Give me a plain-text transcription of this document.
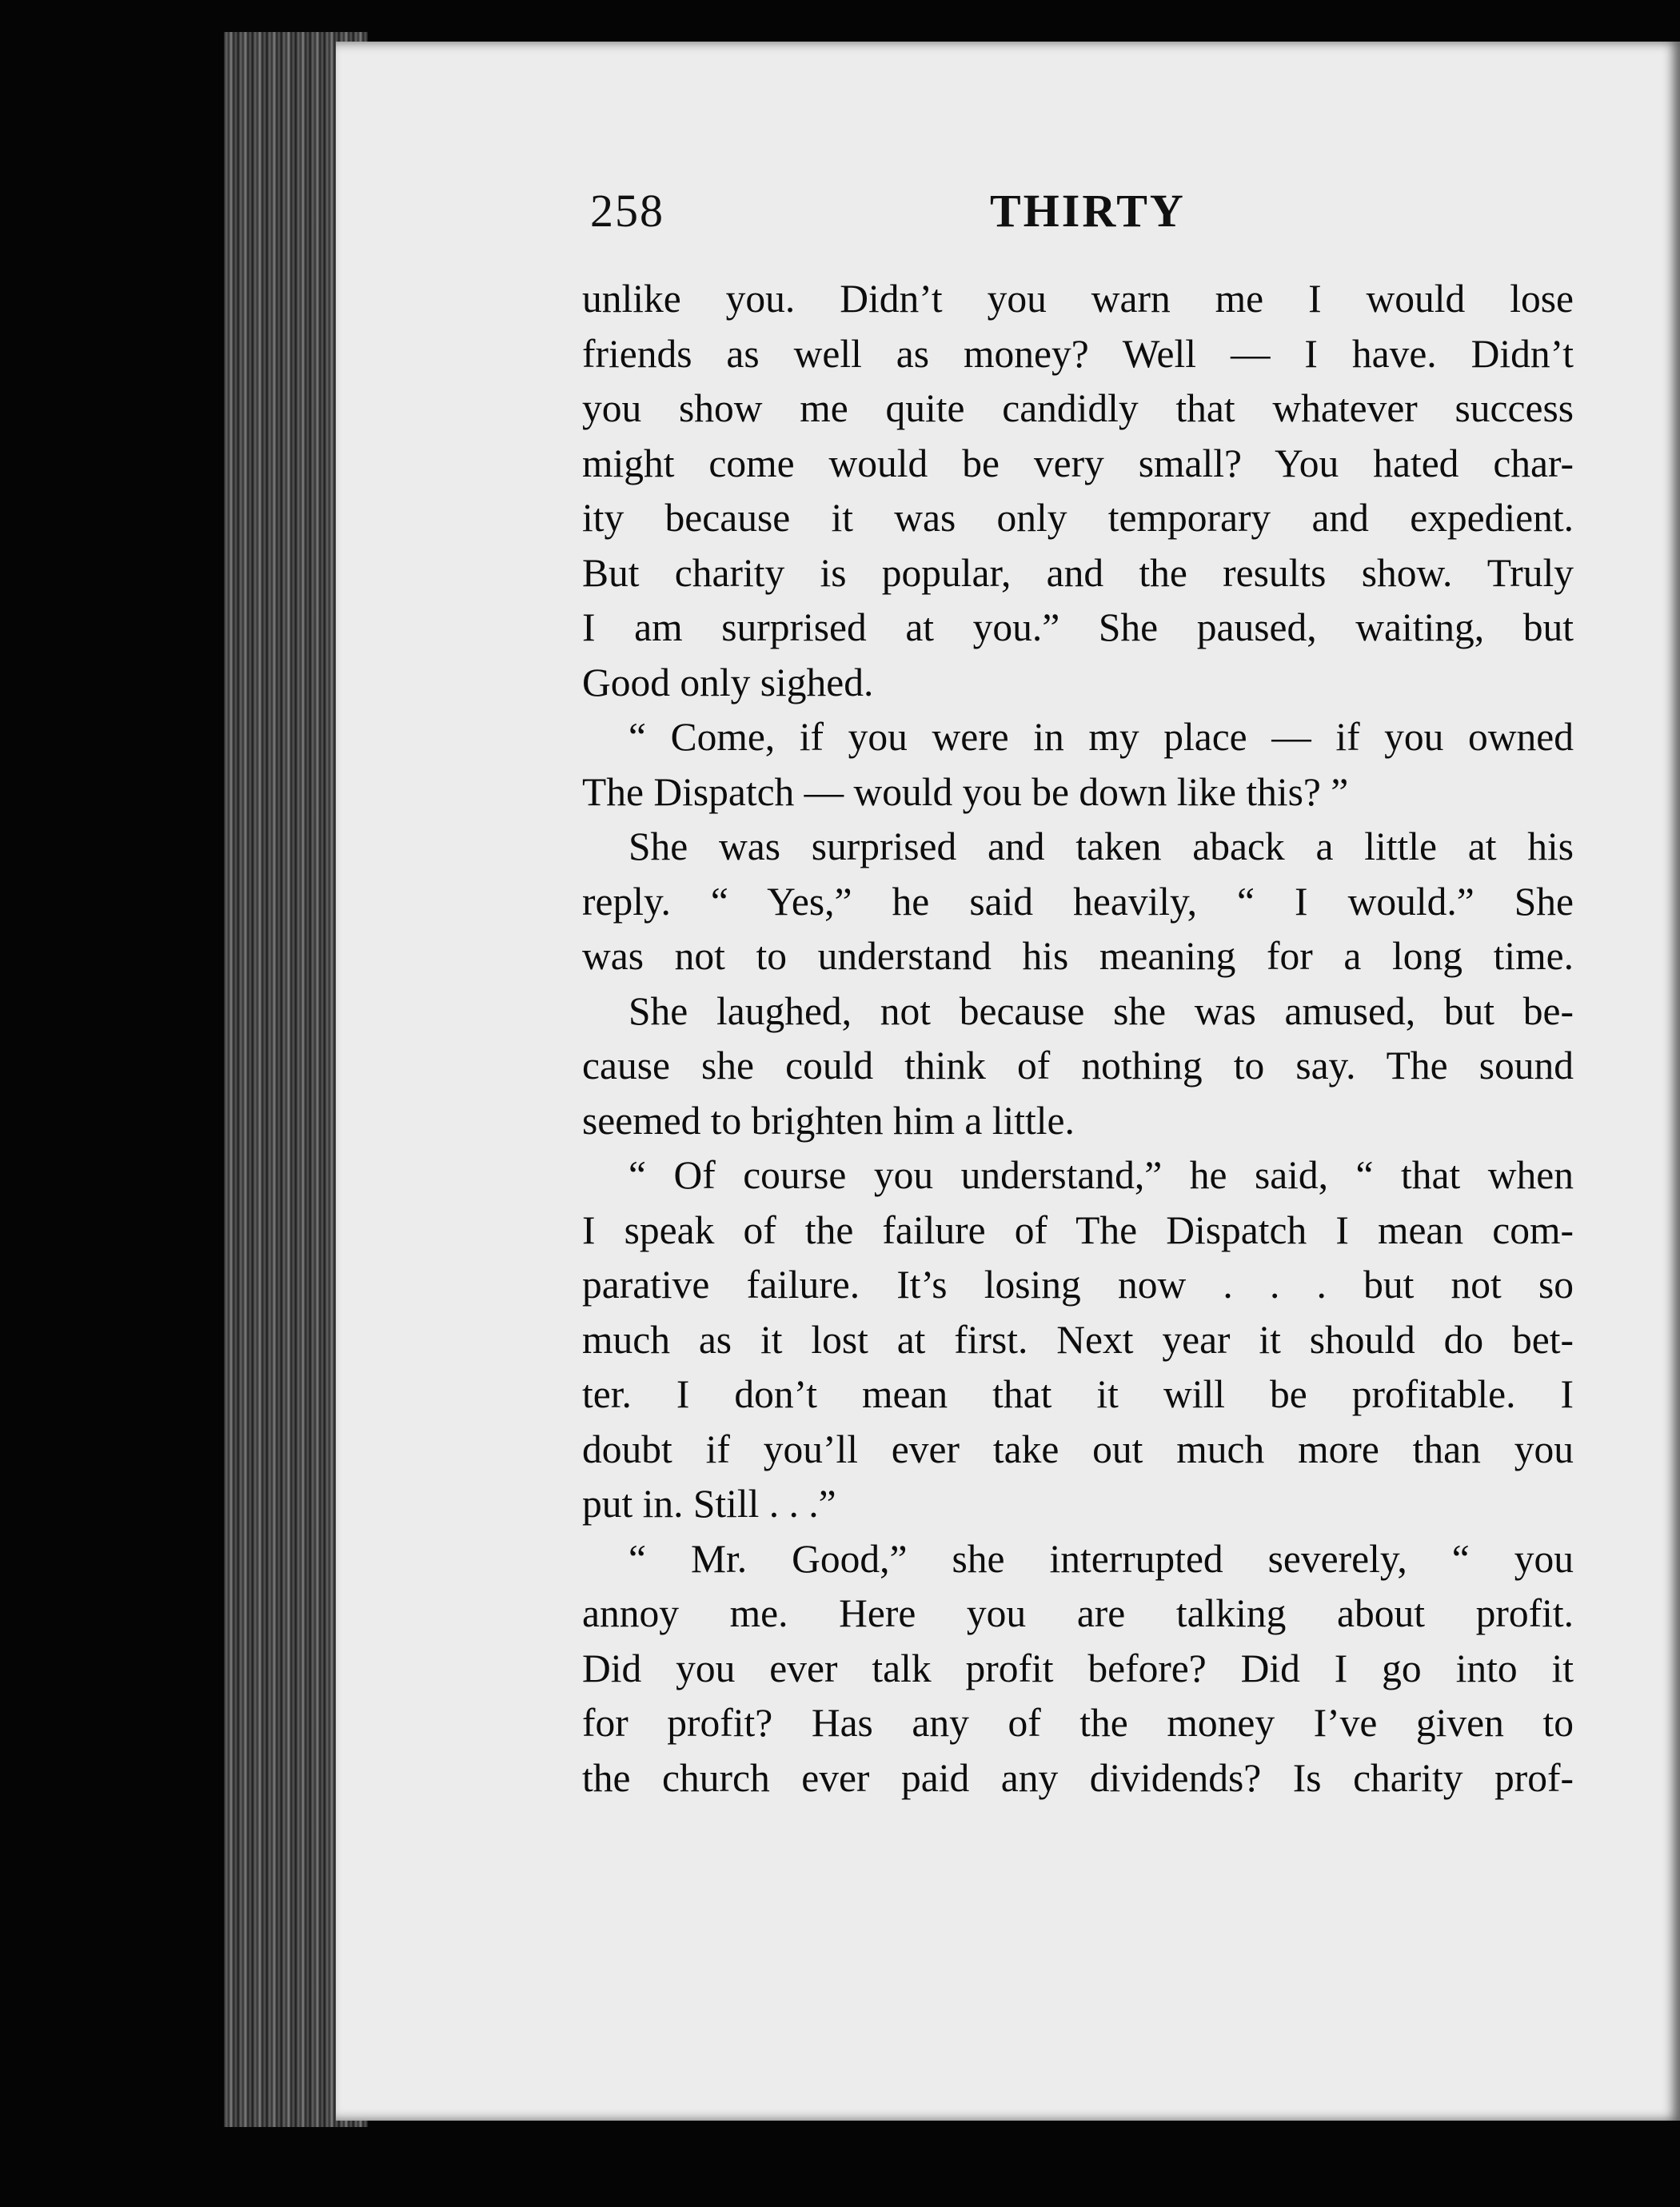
258	THIRTY
unlike you. Didn’t you warn me I would lose
friends as well as money? Well — I have. Didn’t
you show me quite candidly that whatever success
might come would be very small? You hated char-
ity because it was only temporary and expedient.
But charity is popular, and the results show. Truly
I am surprised at you.” She paused, waiting, but
Good only sighed.
“ Come, if you were in my place — if you owned
The Dispatch — would you be down like this? ”
She was surprised and taken aback a little at his
reply. “ Yes,” he said heavily, “ I would.” She
was not to understand his meaning for a long time.
She laughed, not because she was amused, but be-
cause she could think of nothing to say. The sound
seemed to brighten him a little.
“ Of course you understand,” he said, “ that when
I speak of the failure of The Dispatch I mean com-
parative failure. It’s losing now . . . but not so
much as it lost at first. Next year it should do bet-
ter. I don’t mean that it will be profitable. I
doubt if you’ll ever take out much more than you
put in. Still . . .”
“ Mr. Good,” she interrupted severely, “ you
annoy me. Here you are talking about profit.
Did you ever talk profit before? Did I go into it
for profit? Has any of the money I’ve given to
the church ever paid any dividends? Is charity prof-
